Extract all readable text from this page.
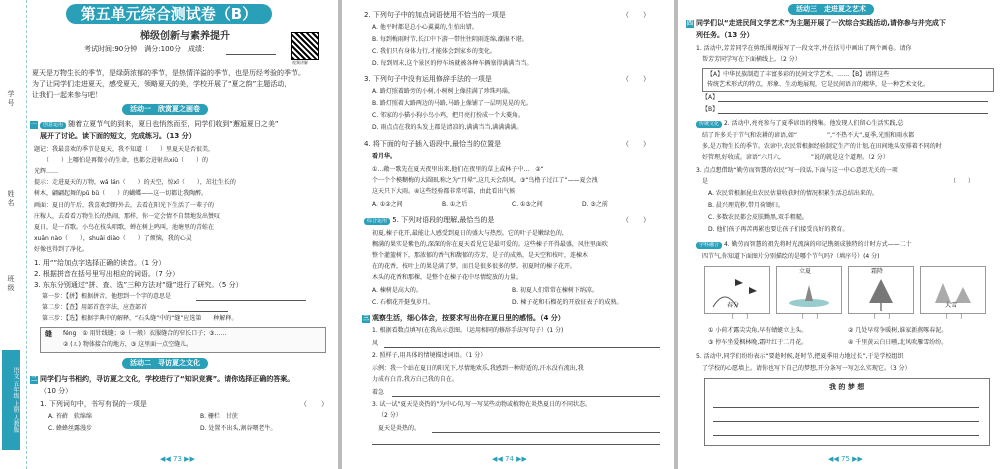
学号
姓名
班级
语文 五年级 上册 人教版
第五单元综合测试卷（B）
梯级创新与素养提升
考试时间:90分钟　满分:100分　成绩：
视频讲解
夏天是万物生长的季节，是绿荫浓郁的季节，是热情洋溢的季节，也是历经考验的季节。
为了让同学们走进夏天，感受夏天，领略夏天的美，学校开展了“夏之韵”主题活动，
让我们一起来参与吧！
活动一　欣赏夏之画卷
一 创意运用 随着立夏节气的到来，夏日也悄然而至，同学们收到“邂逅夏日之美”
展开了讨论。读下面的短文，完成练习。（13 分）
题记：我最喜欢的季节是夏天，我不知道（　　）里夏天是否很美，
　　（　　）上哪怕是再微小的生命，也都会迸射出xiǔ（　　）的
光辉……
提示：走进夏天的万物，wǎ lán（　　）的天空，惊xǐ（　　），茁壮生长的
树木，翩翩起舞的pǔ bǔ（　　）的蝴蝶——这一切都让我陶醉。
画面：夏日的午后，我喜欢到野外去，去看在阳光下生活了一辈子的
庄稼人，去看看万物生长的热闹，那样，你一定会情不自禁地发出赞叹
夏日，是一首歌。小鸟在枝头唱歌，蝉在树上鸣叫，池塘里的青蛙在
xuān nào（　　），shuāi diào（　　）了烦恼，我的心灵
好像也得到了净化。
1. 用“”给加点字选择正确的读音。（1 分）
2. 根据拼音在括号里写出相应的词语。（7 分）
3. 东东分别通过“拼、查、选”三种方法对“缝”进行了研究。（5 分）
第一步：【拼】根据拼音，他想到一个字的意思是
第二步：【查】用部首查字法，应查部首
第三步：【选】根据字典中的解释，“石头缝”中的“缝”应选第　　种解释。
缝 féng　① 用针线缝；②（一般）衣服缝合的窄长口子；③……
② (ㄦ) 物体接合的地方，③ 这里面一点空缝儿。
活动二　寻访夏之文化
二 同学们与书相约，寻访夏之文化，学校进行了“知识竞赛”。请你选择正确的答案。
（10 分）
1. 下列词句中，书写有误的一项是	（　　）
A. 苔藓　软绵绵	B. 栅栏　甘蔗
C. 蜂蜂丝露漫步	D. 处置不出头,割谷喂老牛。
◀◀ 73 ▶▶
2. 下列句子中的加点词语使用不恰当的一项是	（　　）
A. 他平时都是总小心翼翼的,生怕出错。
B. 每到梅雨时节,长江中下游一带往往阴雨连绵,潮湿不堪。
C. 我们只有身体力行,才能体会到家乡的变化。
D. 每到周末,这个景区的停车场就被各种车辆塞得满满当当。
3. 下列句子中没有运用修辞手法的一项是	（　　）
A. 路灯照着路旁的小树,小树树上像挂满了珍珠玛瑙。
B. 路灯照着大路两边的马路,马路上像铺了一层明晃晃的光。
C. 邻家的小猫小狗小鸟小鸡，把月亮打扮成一个大菱角。
D. 雨点点在我的头发上都是清凉的,满满当当,满满满满。
4. 将下面的句子插入语段中,最恰当的位置是	（　　）
看月华。
①…敞一歌先在夏天夜里出来,他们在夜里的草上或林子中…　②“
个一个个模糊梅的大圆圈,称之为“月晕”,这几天会刮风。③“鸟橹子过江了”——夏会洩
这天只下大雨。④这些经验都非常可靠，由此看出气候
A. ①②之间	B. ①之后	C. ①③之间	D. ③之前
综合运用 5. 下列对语段的理解,最恰当的是	（　　）
初夏,楝子花开,最能让人感受到夏日的盛大与热烈。它的叶子是嫩绿色的,
稠满的果实是紫色的,深深的你在夏天看见它是最可爱的。这些楝子开得最盛，风往里面吹
整个灌篮树下，那浓郁的香气和馥郁的芬芳，是子的成熟，是天空和枝叶，连楝木
在的花香，枝叶上的果是满了梦，而且是很多很多的梦。初夏时的楝子花开。
木头的花香和那棵，是整个在楝子花中尽情绽放的力量。
A. 楝树是高大的。	B. 初夏人们常常在楝树下纳凉。
C. 石榴花开挺曳岁月。	D. 楝子花和石榴花的开放征表子的成熟。
三 观察生活，细心体会，按要求写出你在夏日里的感悟。（4 分）
1. 根据看数点填写(在我出示意图。（运用相同的修辞手法写句子）(1 分)
风
2. 照样子,用具体的情境描述词语。（1 分）
示例：我一个站在夏日的阳光下,尽情地欢乐,我感到一种舒适的,汗水没有流出,我
力成有白青,我方白己我的自在。
着急
3. 试一试"夏天是炎热的"为中心句,写一写某些动物或植物在炎热夏日的不同状态。
（2 分）
夏天是炎热的。
◀◀ 74 ▶▶
活动三　走进夏之艺术
四 同学们以“走进民间文学艺术”为主题开展了一次综合实践活动,请你参与并完成下
列任务。（13 分）
1. 活动中,芳芳同学在剪纸围观报写了一段文字,并在括号中画出了两个画卷。请你
帮芳芳同学写在下面横线上。（2 分）
【A】中华民族制造了丰富多彩的民间文学艺术，……【B】请将这些
传统艺术形式的特点，形象、生动地展现，它是民间语言的精华，是一种艺术文化。
【A】
【B】
传统文化 2. 活动中,亮亮参与了夏季谚语的搜集。他发现人们留心生活实践,总
结了许多关于节气和农耕的谚语,如“　　　　　”,“不热不大”,夏季,光照和雨水都
多,是万物生长的季节。农谚中,农民常根据经验制定生产的计划,在田间地头安排着不同的时
好管理,好收成。谚语“六月六,　　　　　”说的就是这个道理。（2 分）
3. 点点想借助“勤劳而智慧的农民”写一段话,下面与这一中心意思无关的一项
是	（　　）
A. 农民常根据昆虫农民估量收获时的情况积累生活总结出来的。
B. 晨兴理荒秽,带月荷锄归。
C. 多数农民都会皮肤黝黑,双手粗糙。
D. 他们孩子再苦再累也要让孩子们接受良好的教育。
学科融合 4. 勤劳而智慧的祖先将时光流演的印记镌刻成独特的计时方式——二十
四节气,你知道下面图片分别描绘的是哪个节气吗?（填序号）(4 分)
春分
立夏	霜降
大雪
（　　）	（　　）	（　　）	（　　）
① 小荷才露尖尖角,早有蜻蜓立上头。	② 几处早莺争暖树,谁家新燕啄春泥。
③ 停车坐爱枫林晚,霜叶红于二月花。	④ 千里黄云白日曛,北风吹雁雪纷纷。
5. 活动中,同学们纷纷表示“要趁时候,赶时节,把夏季用力地过长”,于是学校组织
了学校的心愿墙上。请你也写下自己的梦想,开分条写一写怎么实现它。（3 分）
我 的 梦 想
◀◀ 75 ▶▶
